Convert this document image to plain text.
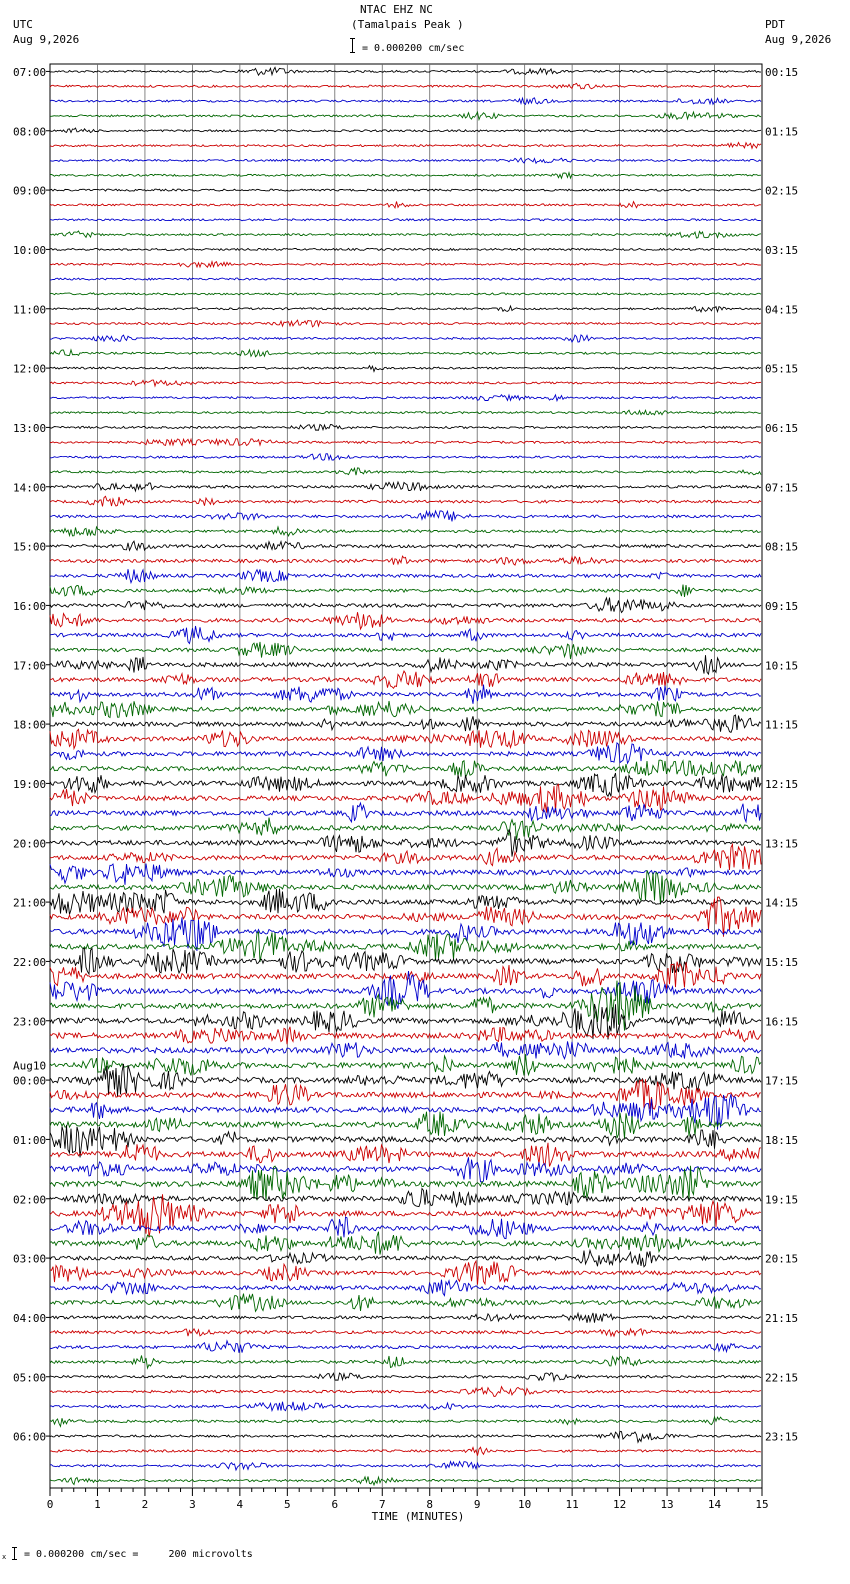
NTAC EHZ NC
(Tamalpais Peak )
= 0.000200 cm/sec
UTC
Aug 9,2026
PDT
Aug 9,2026
07:00	00:15
08:00	01:15
09:00	02:15
10:00	03:15
11:00	04:15
12:00	05:15
13:00	06:15
14:00	07:15
15:00	08:15
16:00	09:15
17:00	10:15
18:00	11:15
19:00	12:15
20:00	13:15
21:00	14:15
22:00	15:15
23:00	16:15
00:00	17:15
Aug10
01:00	18:15
02:00	19:15
03:00	20:15
04:00	21:15
05:00	22:15
06:00	23:15
0	1	2	3	4	5	6	7	8	9	10	11	12	13	14	15
TIME (MINUTES)
x = 0.000200 cm/sec =     200 microvolts
